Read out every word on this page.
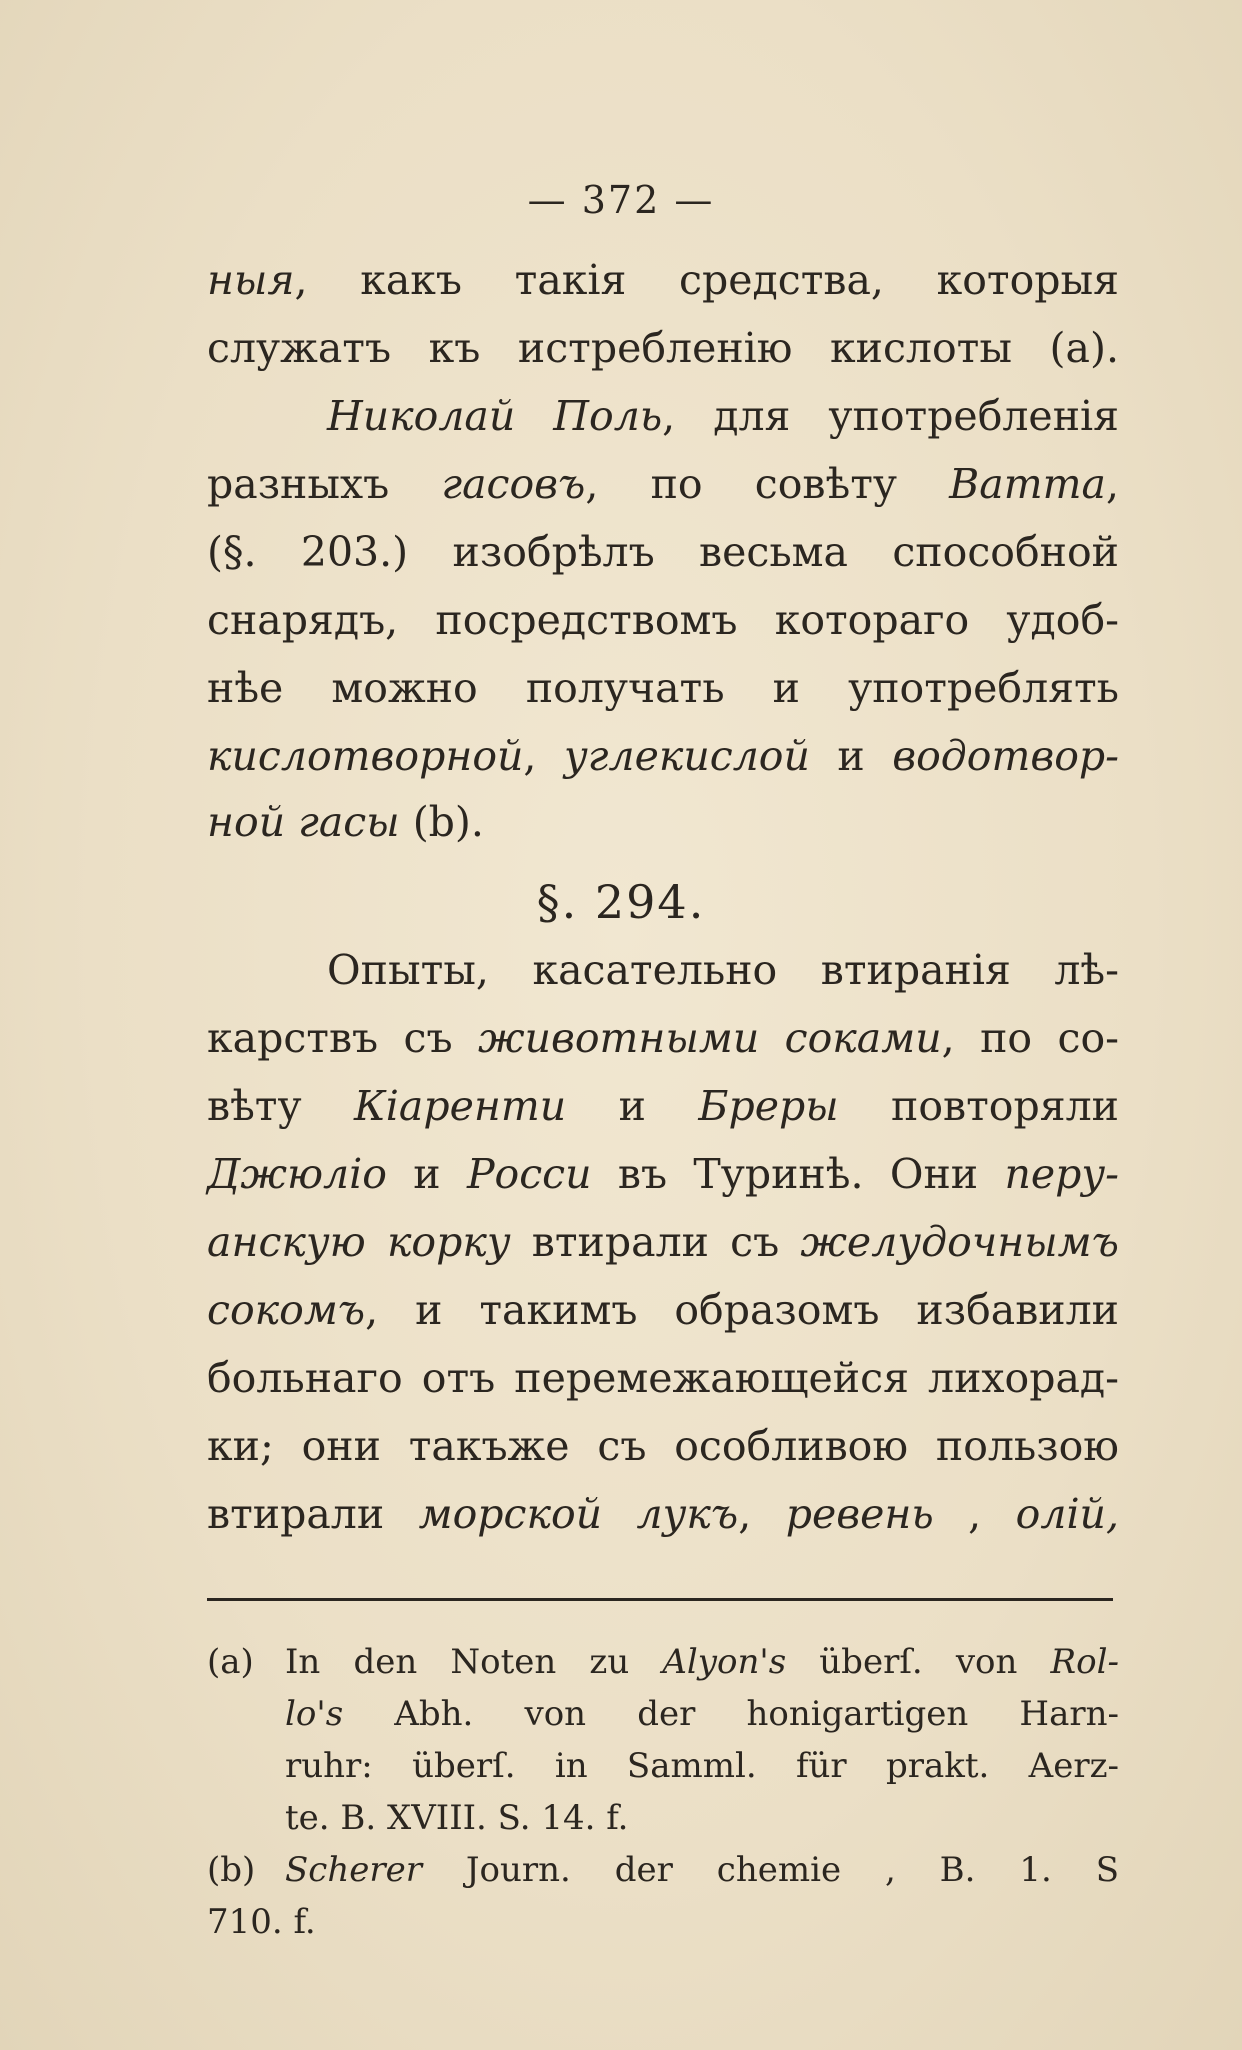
— 372 —
ныя, какъ такія средства, которыя
служатъ къ истребленію кислоты (a).
Николай Поль, для употребленія
разныхъ гасовъ, по совѣту Ватта,
(§. 203.) изобрѣлъ весьма способной
снарядъ, посредствомъ котораго удоб-
нѣе можно получать и употреблять
кислотворной, углекислой и водотвор-
ной гасы (b).
§. 294.
Опыты, касательно втиранія лѣ-
карствъ съ животными соками, по со-
вѣту Кіаренти и Бреры повторяли
Джюліо и Росси въ Туринѣ. Они перу-
анскую корку втирали съ желудочнымъ
сокомъ, и такимъ образомъ избавили
больнаго отъ перемежающейся лихорад-
ки; они такъже съ особливою пользою
втирали морской лукъ, ревень , олій,
(a) In den Noten zu Alyon's überſ. von Rol-
lo's Abh. von der honigartigen Harn-
ruhr: überſ. in Samml. für prakt. Aerz-
te. B. XVIII. S. 14. f.
(b) Scherer Journ. der chemie , B. 1. S
710. f.
